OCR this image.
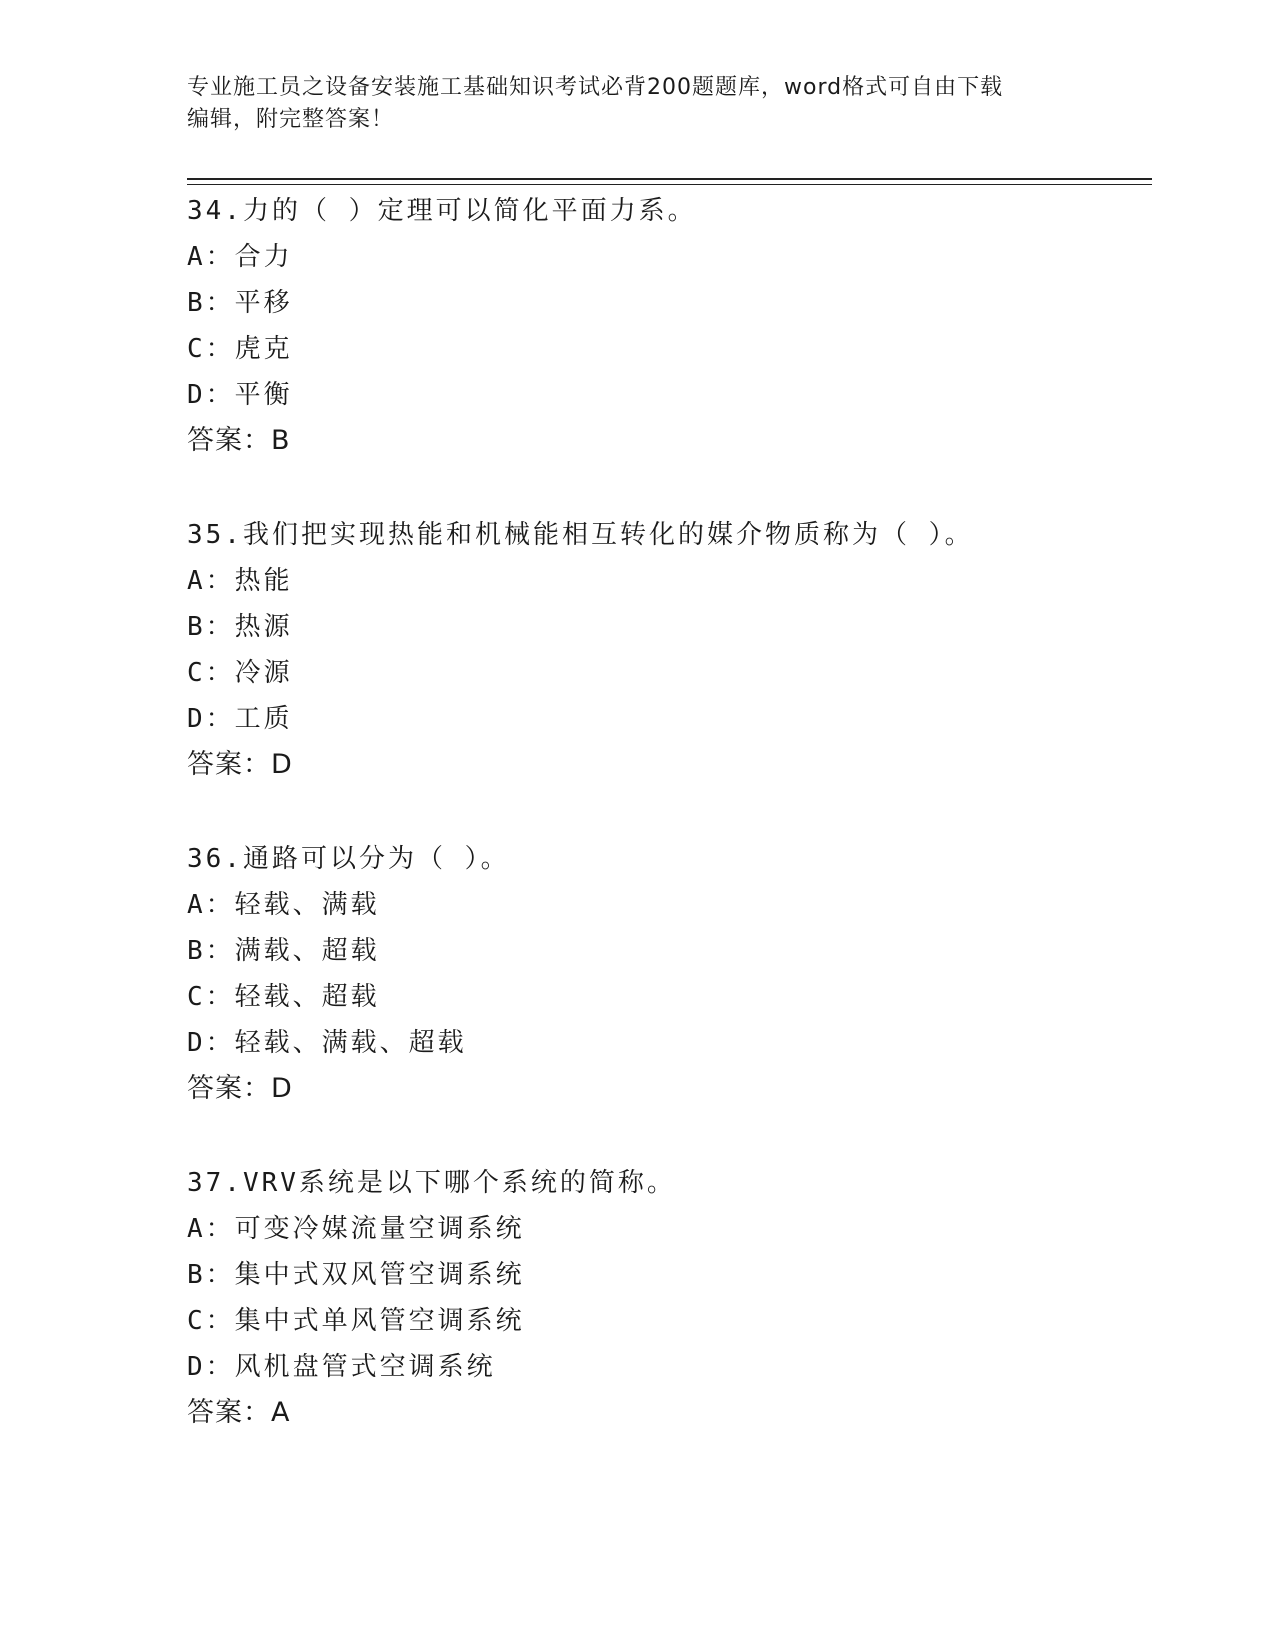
专业施工员之设备安装施工基础知识考试必背200题题库，word格式可自由下载
编辑，附完整答案！
34.力的（ ）定理可以简化平面力系。
A：合力
B：平移
C：虎克
D：平衡
答案：B
35.我们把实现热能和机械能相互转化的媒介物质称为（ ）。
A：热能
B：热源
C：冷源
D：工质
答案：D
36.通路可以分为（ ）。
A：轻载、满载
B：满载、超载
C：轻载、超载
D：轻载、满载、超载
答案：D
37.VRV系统是以下哪个系统的简称。
A：可变冷媒流量空调系统
B：集中式双风管空调系统
C：集中式单风管空调系统
D：风机盘管式空调系统
答案：A
